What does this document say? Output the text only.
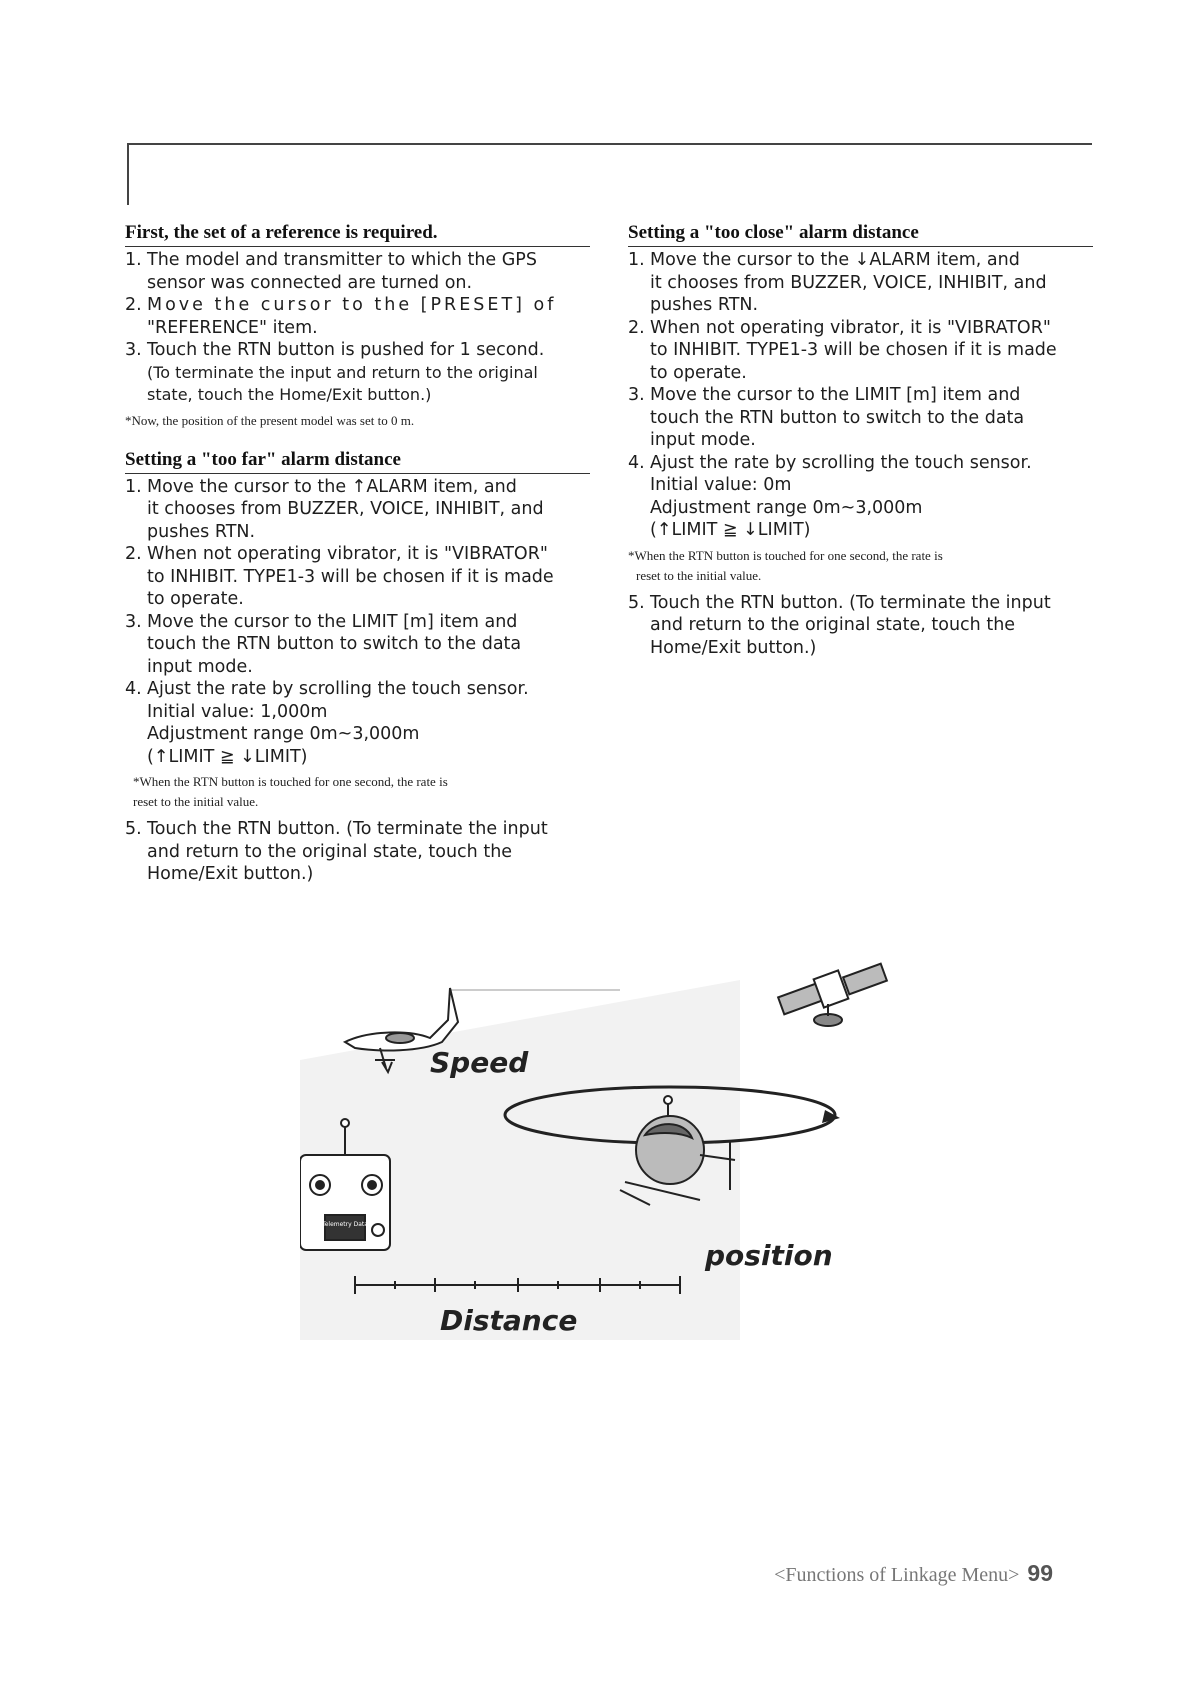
First, the set of a reference is required.
1. The model and transmitter to which the GPS
sensor was connected are turned on.
2. Move the cursor to the [PRESET] of
"REFERENCE" item.
3. Touch the RTN button is pushed for 1 second.
(To terminate the input and return to the original
state, touch the Home/Exit button.)
*Now, the position of the present model was set to 0 m.
Setting a "too far" alarm distance
1. Move the cursor to the ↑ALARM item, and
it chooses from BUZZER, VOICE, INHIBIT, and
pushes RTN.
2. When not operating vibrator, it is "VIBRATOR"
to INHIBIT. TYPE1-3 will be chosen if it is made
to operate.
3. Move the cursor to the LIMIT [m] item and
touch the RTN button to switch to the data
input mode.
4. Ajust the rate by scrolling the touch sensor.
Initial value: 1,000m
Adjustment range 0m~3,000m
(↑LIMIT ≧ ↓LIMIT)
*When the RTN button is touched for one second, the rate is
reset to the initial value.
5. Touch the RTN button. (To terminate the input
and return to the original state, touch the
Home/Exit button.)
Setting a "too close" alarm distance
1. Move the cursor to the ↓ALARM item, and
it chooses from BUZZER, VOICE, INHIBIT, and
pushes RTN.
2. When not operating vibrator, it is "VIBRATOR"
to INHIBIT. TYPE1-3 will be chosen if it is made
to operate.
3. Move the cursor to the LIMIT [m] item and
touch the RTN button to switch to the data
input mode.
4. Ajust the rate by scrolling the touch sensor.
Initial value: 0m
Adjustment range 0m~3,000m
(↑LIMIT ≧ ↓LIMIT)
*When the RTN button is touched for one second, the rate is
reset to the initial value.
5. Touch the RTN button. (To terminate the input
and return to the original state, touch the
Home/Exit button.)
Speed
position
Telemetry Data
Distance
<Functions of Linkage Menu> 99
